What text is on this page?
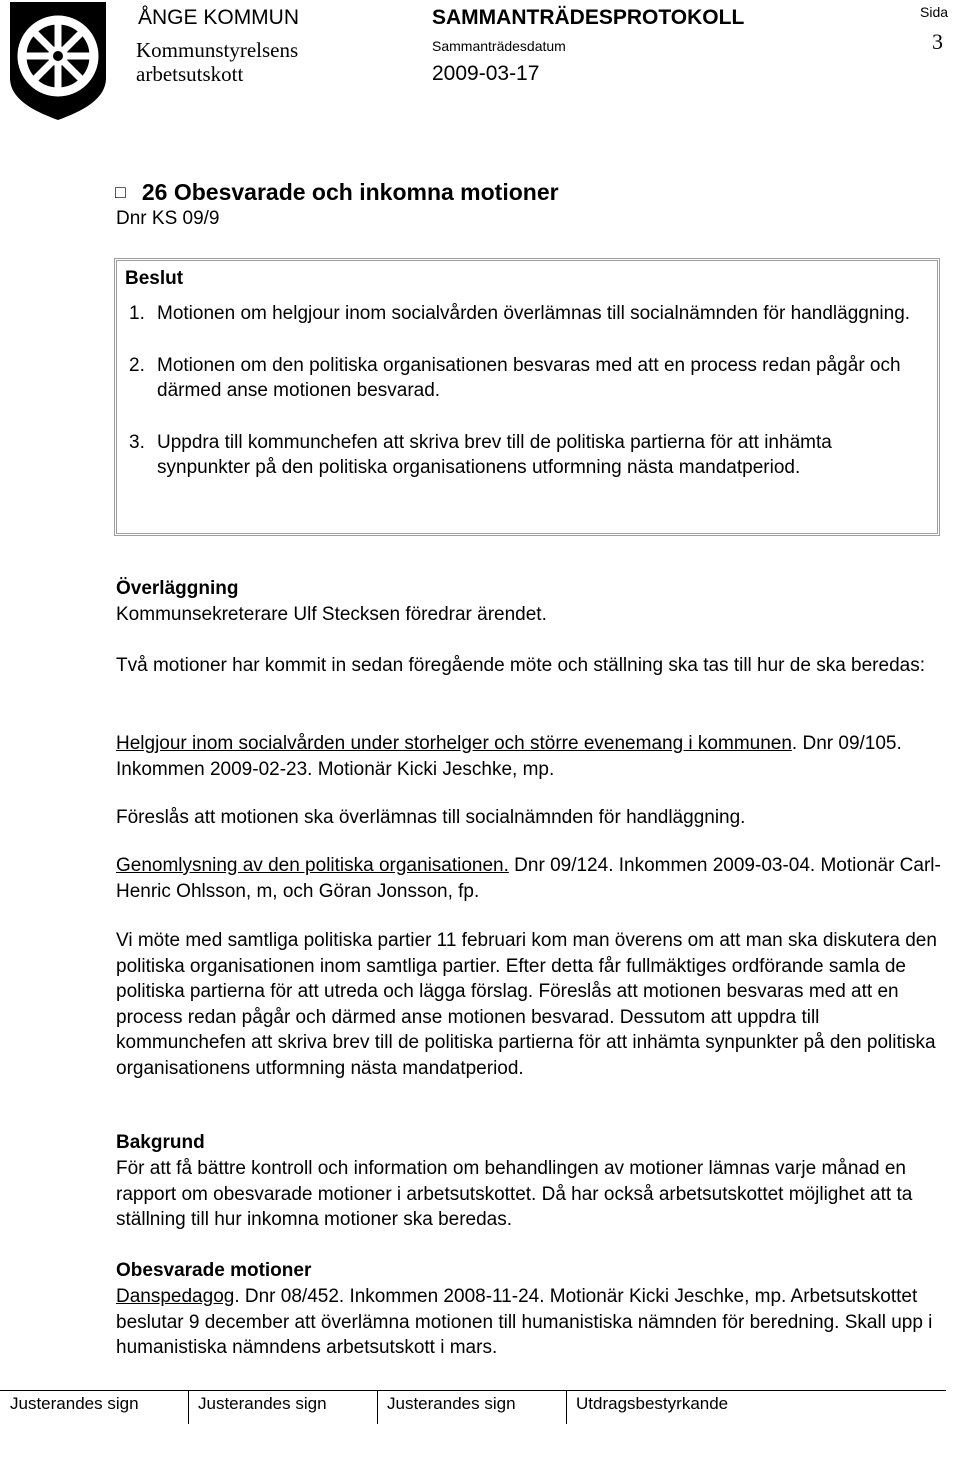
ÅNGE KOMMUN
Kommunstyrelsens
arbetsutskott
SAMMANTRÄDESPROTOKOLL
Sammanträdesdatum
2009-03-17
Sida
3
□ 26 Obesvarade och inkomna motioner
Dnr KS 09/9
Beslut
1. Motionen om helgjour inom socialvården överlämnas till socialnämnden för handläggning.
2. Motionen om den politiska organisationen besvaras med att en process redan pågår och därmed anse motionen besvarad.
3. Uppdra till kommunchefen att skriva brev till de politiska partierna för att inhämta synpunkter på den politiska organisationens utformning nästa mandatperiod.
Överläggning
Kommunsekreterare Ulf Stecksen föredrar ärendet.
Två motioner har kommit in sedan föregående möte och ställning ska tas till hur de ska beredas:
Helgjour inom socialvården under storhelger och större evenemang i kommunen. Dnr 09/105. Inkommen 2009-02-23. Motionär Kicki Jeschke, mp.
Föreslås att motionen ska överlämnas till socialnämnden för handläggning.
Genomlysning av den politiska organisationen. Dnr 09/124. Inkommen 2009-03-04. Motionär Carl-Henric Ohlsson, m, och Göran Jonsson, fp.
Vi möte med samtliga politiska partier 11 februari kom man överens om att man ska diskutera den politiska organisationen inom samtliga partier. Efter detta får fullmäktiges ordförande samla de politiska partierna för att utreda och lägga förslag. Föreslås att motionen besvaras med att en process redan pågår och därmed anse motionen besvarad. Dessutom att uppdra till kommunchefen att skriva brev till de politiska partierna för att inhämta synpunkter på den politiska organisationens utformning nästa mandatperiod.
Bakgrund
För att få bättre kontroll och information om behandlingen av motioner lämnas varje månad en rapport om obesvarade motioner i arbetsutskottet. Då har också arbetsutskottet möjlighet att ta ställning till hur inkomna motioner ska beredas.
Obesvarade motioner
Danspedagog. Dnr 08/452. Inkommen 2008-11-24. Motionär Kicki Jeschke, mp. Arbetsutskottet beslutar 9 december att överlämna motionen till humanistiska nämnden för beredning. Skall upp i humanistiska nämndens arbetsutskott i mars.
Justerandes sign	Justerandes sign	Justerandes sign	Utdragsbestyrkande
